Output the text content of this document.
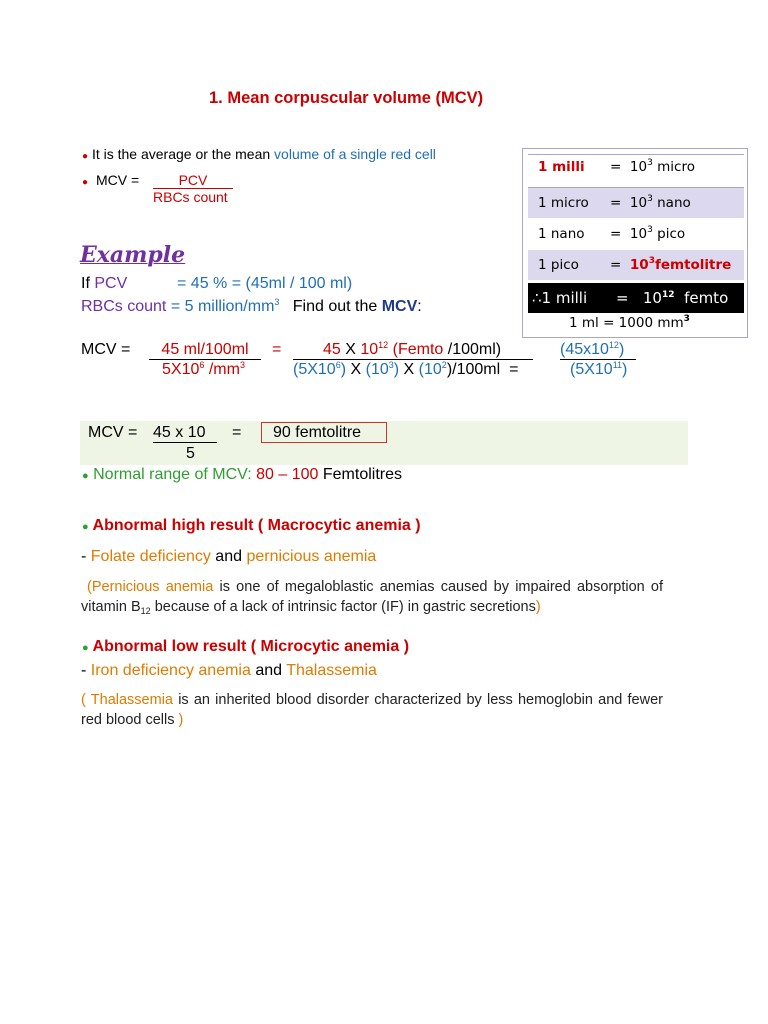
1. Mean corpuscular volume (MCV)
● It is the average or the mean volume of a single red cell
● MCV =	PCV
RBCs count
1 milli = $10^3$ micro
1 micro = $10^3$ nano
1 nano = $10^3$ pico
1 pico = $10^3femtolitre$
∴1 milli = $10^{12}$ femto
1 ml = 1000 $mm^3$
Example
If PCV	= 45 % = (45ml / 100 ml)
RBCs count = 5 million/$mm^3$ Find out the MCV:
MCV =	45 ml/100ml	=
$5X10^6$ $/mm^3$
45 X $10^{12}$ (Femto /100ml)
$(5X10^6)$ X $(10^3)$ X $(10^2)/100ml$ =
$(45x10^{12})$
$(5X10^{11})$
MCV = 45 x 10
5
= 90 femtolitre
● Normal range of MCV: 80 – 100 Femtolitres
● Abnormal high result ( Macrocytic anemia )
- Folate deficiency and pernicious anemia
(Pernicious anemia is one of megaloblastic anemias caused by impaired absorption of vitamin $B_{12}$ because of a lack of intrinsic factor (IF) in gastric secretions)
● Abnormal low result ( Microcytic anemia )
- Iron deficiency anemia and Thalassemia
( Thalassemia is an inherited blood disorder characterized by less hemoglobin and fewer red blood cells )
